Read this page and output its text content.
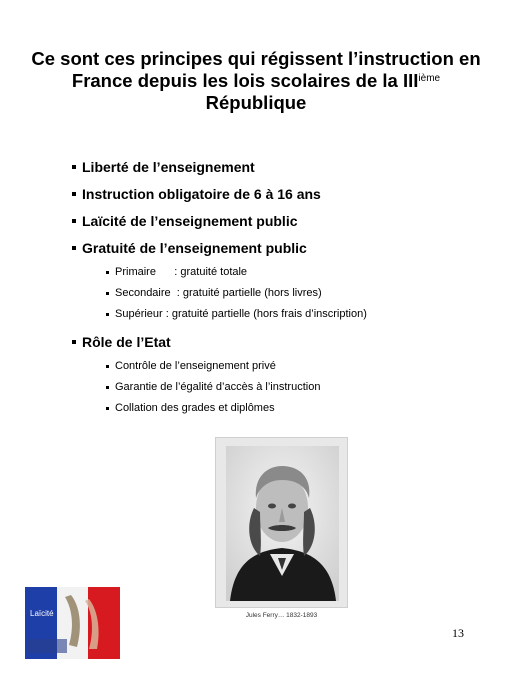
Ce sont ces principes qui régissent l’instruction en France depuis les lois scolaires de la IIIième
République
Liberté de l’enseignement
Instruction obligatoire de 6 à 16 ans
Laïcité de l’enseignement public
Gratuité de l’enseignement public
Primaire      : gratuité totale
Secondaire  : gratuité partielle (hors livres)
Supérieur : gratuité partielle (hors frais d’inscription)
Rôle de l’Etat
Contrôle de l’enseignement privé
Garantie de l’égalité d’accès à l’instruction
Collation des grades et diplômes
Jules Ferry… 1832-1893
Laïcité
13
